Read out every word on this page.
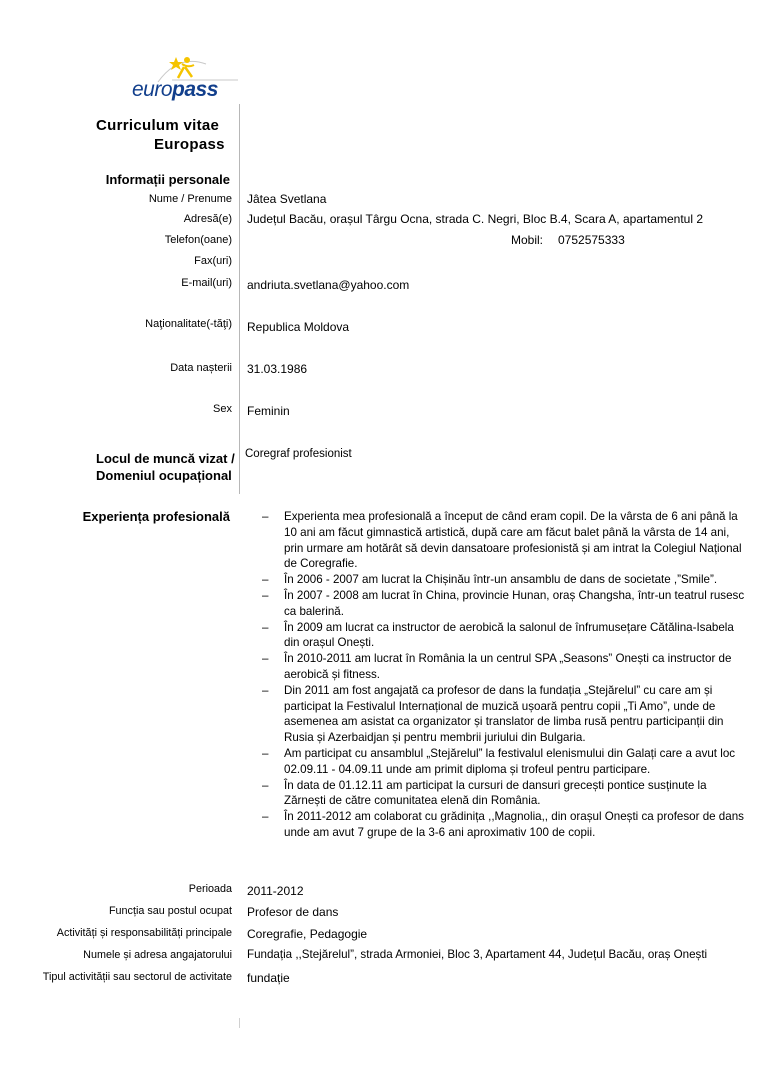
europass
Curriculum vitae
Europass
Informații personale
Nume / Prenume Jâtea Svetlana
Adresă(e) Județul Bacău, orașul Târgu Ocna, strada C. Negri, Bloc B.4, Scara A, apartamentul 2
Telefon(oane)	Mobil: 0752575333
Fax(uri)
E-mail(uri) andriuta.svetlana@yahoo.com
Naţionalitate(-tăţi) Republica Moldova
Data nașterii 31.03.1986
Sex Feminin
Locul de muncă vizat /
Domeniul ocupațional
Coregraf profesionist
Experiența profesională	– Experienta mea profesională a început de când eram copil. De la vârsta de 6 ani până la 10 ani am făcut gimnastică artistică, după care am făcut balet până la vârsta de 14 ani, prin urmare am hotărât să devin dansatoare profesionistă și am intrat la Colegiul Național de Coregrafie.
– În 2006 - 2007 am lucrat la Chișinău într-un ansamblu de dans de societate ,”Smile”.
– În 2007 - 2008 am lucrat în China, provincie Hunan, oraș Changsha, într-un teatrul rusesc ca balerină.
– În 2009 am lucrat ca instructor de aerobică la salonul de înfrumusețare Cătălina-Isabela din orașul Onești.
– În 2010-2011 am lucrat în România la un centrul SPA „Seasons” Onești ca instructor de aerobică și fitness.
– Din 2011 am fost angajată ca profesor de dans la fundația „Stejărelul” cu care am și participat la Festivalul Internațional de muzică ușoară pentru copii „Ti Amo”, unde de asemenea am asistat ca organizator și translator de limba rusă pentru participanții din Rusia și Azerbaidjan și pentru membrii juriului din Bulgaria.
– Am participat cu ansamblul „Stejărelul” la festivalul elenismului din Galați care a avut loc 02.09.11 - 04.09.11 unde am primit diploma și trofeul pentru participare.
– În data de 01.12.11 am participat la cursuri de dansuri grecești pontice susținute la Zărnești de către comunitatea elenă din România.
– În 2011-2012 am colaborat cu grădinița ,,Magnolia,, din orașul Onești ca profesor de dans unde am avut 7 grupe de la 3-6 ani aproximativ 100 de copii.
Perioada 2011-2012
Funcția sau postul ocupat Profesor de dans
Activități și responsabilități principale Coregrafie, Pedagogie
Numele și adresa angajatorului Fundația ,,Stejărelul”, strada Armoniei, Bloc 3, Apartament 44, Județul Bacău, oraș Onești
Tipul activității sau sectorul de activitate fundație
